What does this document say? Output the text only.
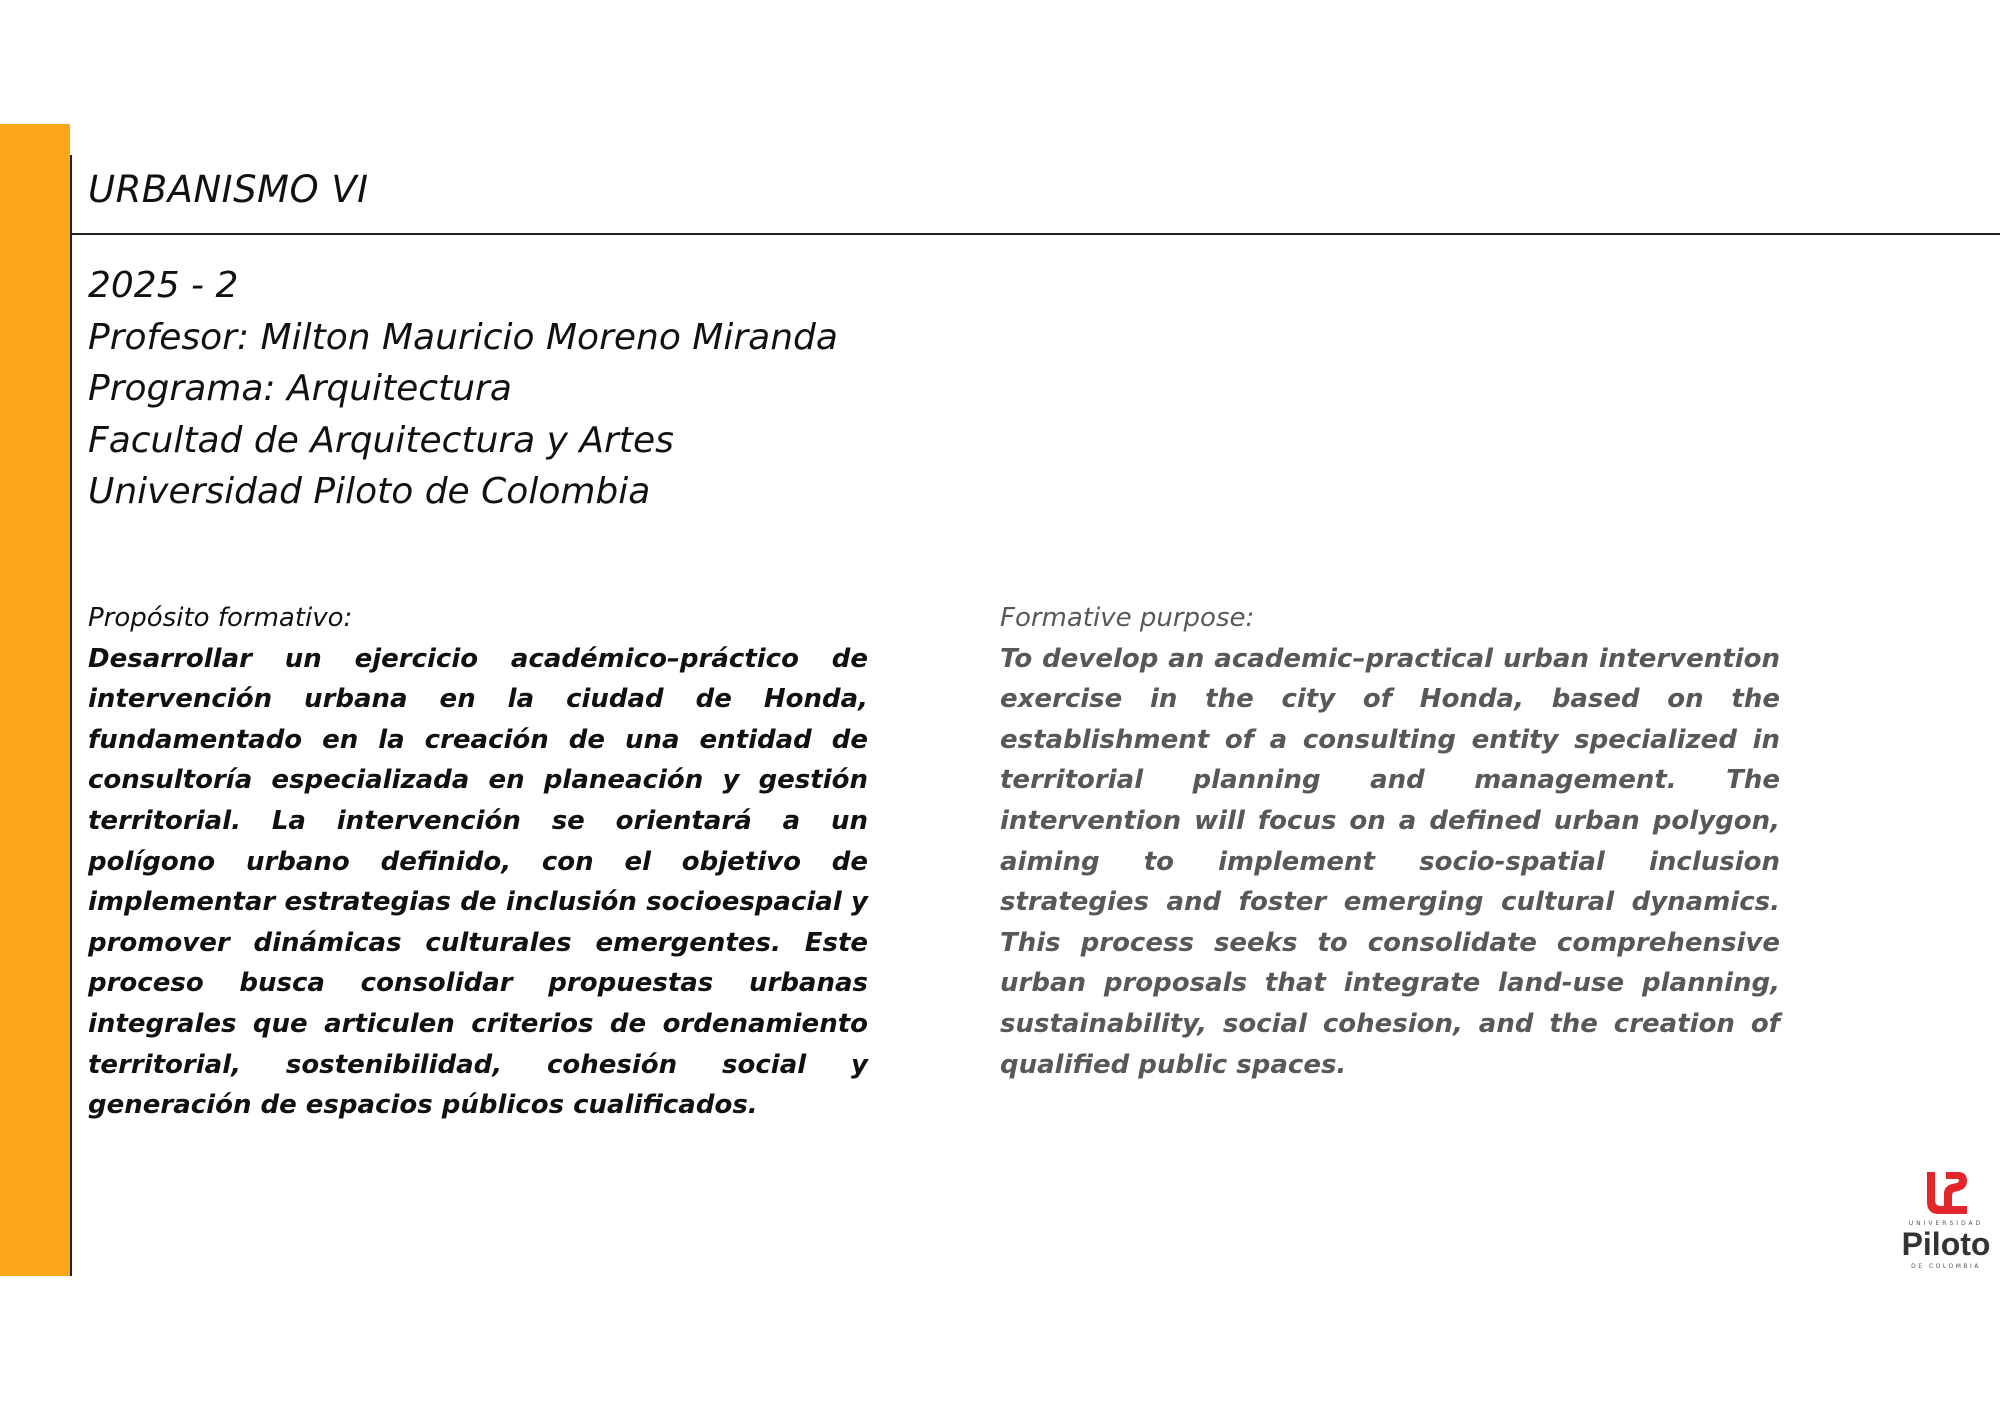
URBANISMO VI
2025 - 2
Profesor: Milton Mauricio Moreno Miranda
Programa: Arquitectura
Facultad de Arquitectura y Artes
Universidad Piloto de Colombia
Propósito formativo:
Desarrollar un ejercicio académico–práctico de intervención urbana en la ciudad de Honda, fundamentado en la creación de una entidad de consultoría especializada en planeación y gestión territorial. La intervención se orientará a un polígono urbano definido, con el objetivo de implementar estrategias de inclusión socioespacial y promover dinámicas culturales emergentes. Este proceso busca consolidar propuestas urbanas integrales que articulen criterios de ordenamiento territorial, sostenibilidad, cohesión social y generación de espacios públicos cualificados.
Formative purpose:
To develop an academic–practical urban intervention exercise in the city of Honda, based on the establishment of a consulting entity specialized in territorial planning and management. The intervention will focus on a defined urban polygon, aiming to implement socio-spatial inclusion strategies and foster emerging cultural dynamics. This process seeks to consolidate comprehensive urban proposals that integrate land-use planning, sustainability, social cohesion, and the creation of qualified public spaces.
UNIVERSIDAD
Piloto
DE COLOMBIA
